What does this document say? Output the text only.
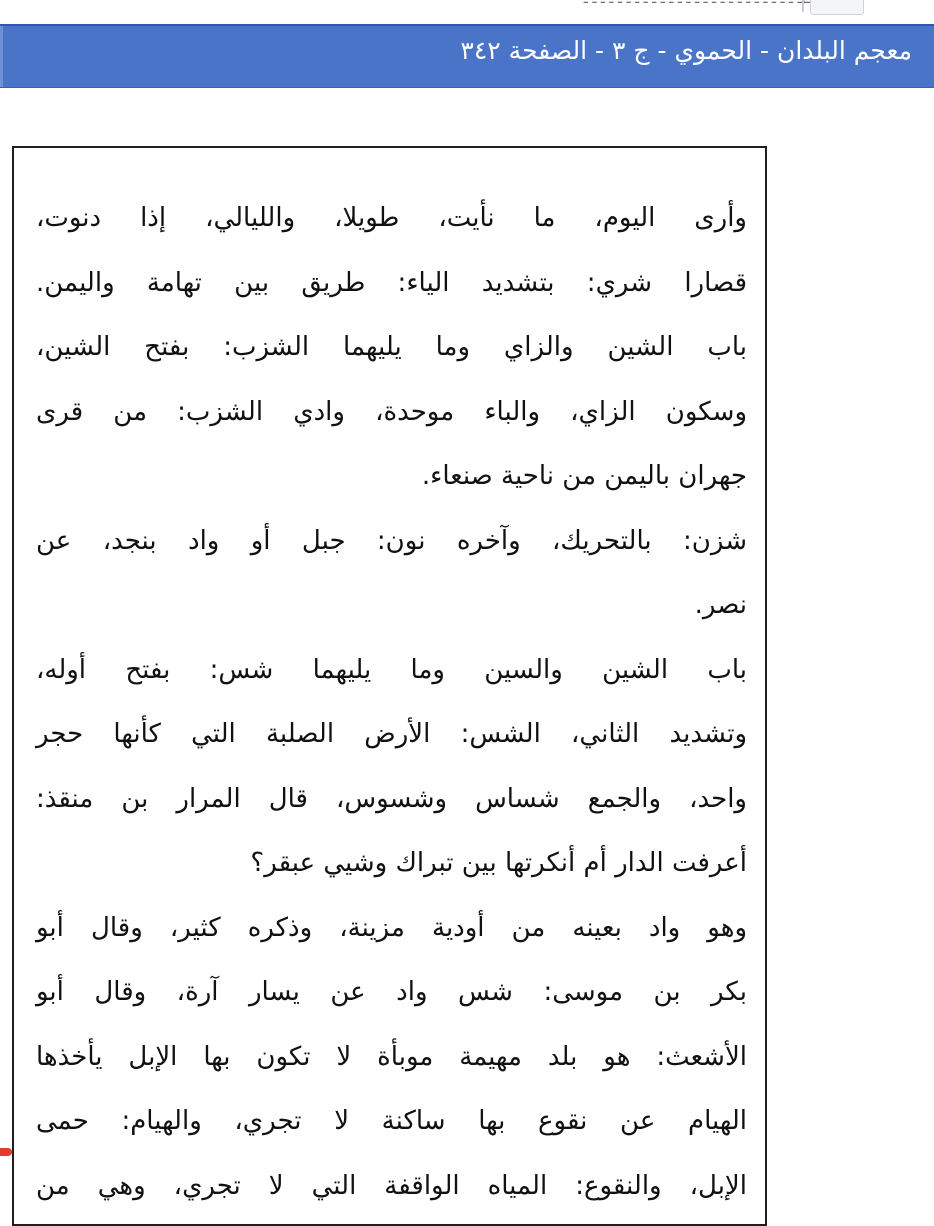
معجم البلدان - الحموي - ج ٣ - الصفحة ٣٤٢
وأرى اليوم، ما نأيت، طويلا، والليالي، إذا دنوت،
قصارا شري: بتشديد الياء: طريق بين تهامة واليمن.
باب الشين والزاي وما يليهما الشزب: بفتح الشين،
وسكون الزاي، والباء موحدة، وادي الشزب: من قرى
جهران باليمن من ناحية صنعاء.
شزن: بالتحريك، وآخره نون: جبل أو واد بنجد، عن
نصر.
باب الشين والسين وما يليهما شس: بفتح أوله،
وتشديد الثاني، الشس: الأرض الصلبة التي كأنها حجر
واحد، والجمع شساس وشسوس، قال المرار بن منقذ:
أعرفت الدار أم أنكرتها بين تبراك وشيي عبقر؟
وهو واد بعينه من أودية مزينة، وذكره كثير، وقال أبو
بكر بن موسى: شس واد عن يسار آرة، وقال أبو
الأشعث: هو بلد مهيمة موبأة لا تكون بها الإبل يأخذها
الهيام عن نقوع بها ساكنة لا تجري، والهيام: حمى
الإبل، والنقوع: المياه الواقفة التي لا تجري، وهي من
